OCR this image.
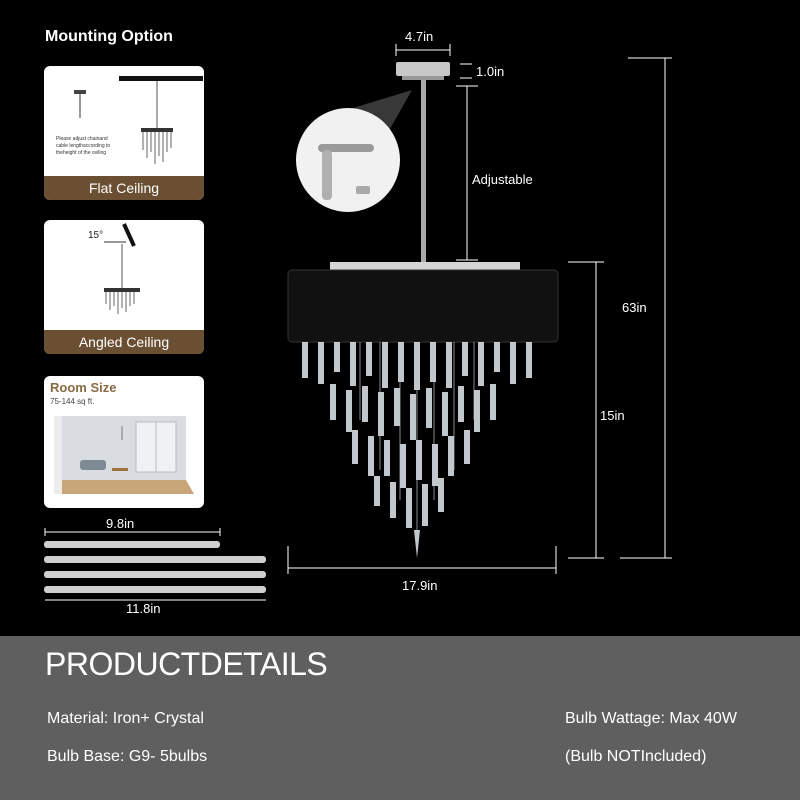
Mounting Option
Please adjust chainand
cable lengthaccording to
theheight of the ceiling
Flat Ceiling
15°
Angled Ceiling
Room Size
75-144 sq ft.
9.8in
11.8in
4.7in
1.0in
Adjustable
63in
15in
17.9in
PRODUCTDETAILS
Material: Iron+ Crystal
Bulb Base: G9- 5bulbs
Bulb Wattage: Max 40W
(Bulb NOTIncluded)
